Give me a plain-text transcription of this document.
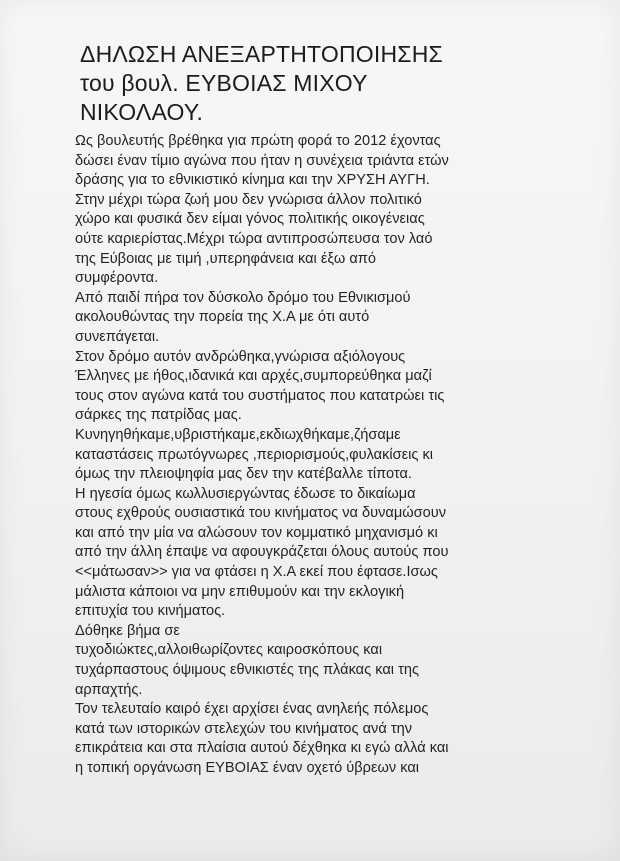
ΔΗΛΩΣΗ ΑΝΕΞΑΡΤΗΤΟΠΟΙΗΣΗΣ
του βουλ. ΕΥΒΟΙΑΣ ΜΙΧΟΥ
ΝΙΚΟΛΑΟΥ.
Ως βουλευτής βρέθηκα για πρώτη φορά το 2012 έχοντας
δώσει έναν τίμιο αγώνα που ήταν η συνέχεια τριάντα ετών
δράσης για το εθνικιστικό κίνημα και την ΧΡΥΣΗ ΑΥΓΗ.
Στην μέχρι τώρα ζωή μου δεν γνώρισα άλλον πολιτικό
χώρο και φυσικά δεν είμαι γόνος πολιτικής οικογένειας
ούτε καριερίστας.Μέχρι τώρα αντιπροσώπευσα τον λαό
της Εύβοιας με τιμή ,υπερηφάνεια και έξω από
συμφέροντα.
Από παιδί πήρα τον δύσκολο δρόμο του Εθνικισμού
ακολουθώντας την πορεία της Χ.Α με ότι αυτό
συνεπάγεται.
Στον δρόμο αυτόν ανδρώθηκα,γνώρισα αξιόλογους
Έλληνες με ήθος,ιδανικά και αρχές,συμπορεύθηκα μαζί
τους στον αγώνα κατά του συστήματος που κατατρώει τις
σάρκες της πατρίδας μας.
Κυνηγηθήκαμε,υβριστήκαμε,εκδιωχθήκαμε,ζήσαμε
καταστάσεις πρωτόγνωρες ,περιορισμούς,φυλακίσεις κι
όμως την πλειοψηφία μας δεν την κατέβαλλε τίποτα.
Η ηγεσία όμως κωλλυσιεργώντας έδωσε το δικαίωμα
στους εχθρούς ουσιαστικά του κινήματος να δυναμώσουν
και από την μία να αλώσουν τον κομματικό μηχανισμό κι
από την άλλη έπαψε να αφουγκράζεται όλους αυτούς που
<<μάτωσαν>> για να φτάσει η Χ.Α εκεί που έφτασε.Ισως
μάλιστα κάποιοι να μην επιθυμούν και την εκλογική
επιτυχία του κινήματος.
Δόθηκε βήμα σε
τυχοδιώκτες,αλλοιθωρίζοντες καιροσκόπους και
τυχάρπαστους όψιμους εθνικιστές της πλάκας και της
αρπαχτής.
Τον τελευταίο καιρό έχει αρχίσει ένας ανηλεής πόλεμος
κατά των ιστορικών στελεχών του κινήματος ανά την
επικράτεια και στα πλαίσια αυτού δέχθηκα κι εγώ αλλά και
η τοπική οργάνωση ΕΥΒΟΙΑΣ έναν οχετό ύβρεων και
